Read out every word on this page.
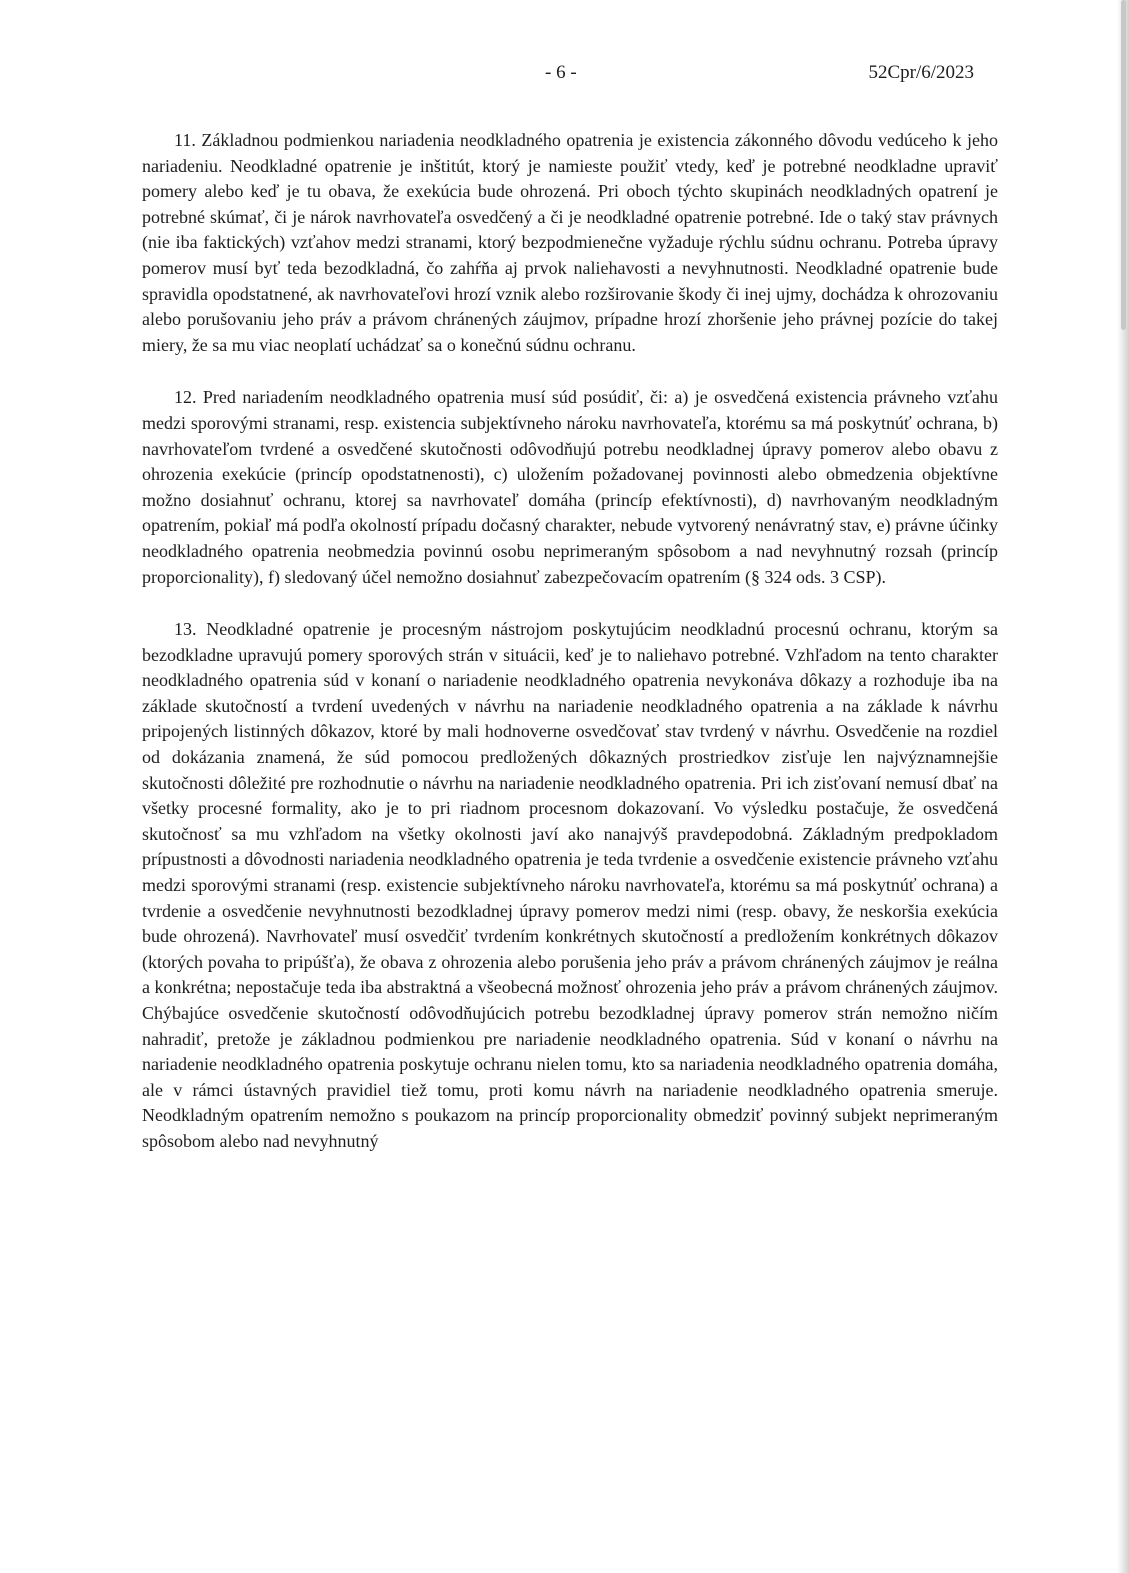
- 6 -	52Cpr/6/2023

11. Základnou podmienkou nariadenia neodkladného opatrenia je existencia zákonného dôvodu vedúceho k jeho nariadeniu. Neodkladné opatrenie je inštitút, ktorý je namieste použiť vtedy, keď je potrebné neodkladne upraviť pomery alebo keď je tu obava, že exekúcia bude ohrozená. Pri oboch týchto skupinách neodkladných opatrení je potrebné skúmať, či je nárok navrhovateľa osvedčený a či je neodkladné opatrenie potrebné. Ide o taký stav právnych (nie iba faktických) vzťahov medzi stranami, ktorý bezpodmienečne vyžaduje rýchlu súdnu ochranu. Potreba úpravy pomerov musí byť teda bezodkladná, čo zahŕňa aj prvok naliehavosti a nevyhnutnosti. Neodkladné opatrenie bude spravidla opodstatnené, ak navrhovateľovi hrozí vznik alebo rozširovanie škody či inej ujmy, dochádza k ohrozovaniu alebo porušovaniu jeho práv a právom chránených záujmov, prípadne hrozí zhoršenie jeho právnej pozície do takej miery, že sa mu viac neoplatí uchádzať sa o konečnú súdnu ochranu.

12. Pred nariadením neodkladného opatrenia musí súd posúdiť, či: a) je osvedčená existencia právneho vzťahu medzi sporovými stranami, resp. existencia subjektívneho nároku navrhovateľa, ktorému sa má poskytnúť ochrana, b) navrhovateľom tvrdené a osvedčené skutočnosti odôvodňujú potrebu neodkladnej úpravy pomerov alebo obavu z ohrozenia exekúcie (princíp opodstatnenosti), c) uložením požadovanej povinnosti alebo obmedzenia objektívne možno dosiahnuť ochranu, ktorej sa navrhovateľ domáha (princíp efektívnosti), d) navrhovaným neodkladným opatrením, pokiaľ má podľa okolností prípadu dočasný charakter, nebude vytvorený nenávratný stav, e) právne účinky neodkladného opatrenia neobmedzia povinnú osobu neprimeraným spôsobom a nad nevyhnutný rozsah (princíp proporcionality), f) sledovaný účel nemožno dosiahnuť zabezpečovacím opatrením (§ 324 ods. 3 CSP).

13. Neodkladné opatrenie je procesným nástrojom poskytujúcim neodkladnú procesnú ochranu, ktorým sa bezodkladne upravujú pomery sporových strán v situácii, keď je to naliehavo potrebné. Vzhľadom na tento charakter neodkladného opatrenia súd v konaní o nariadenie neodkladného opatrenia nevykonáva dôkazy a rozhoduje iba na základe skutočností a tvrdení uvedených v návrhu na nariadenie neodkladného opatrenia a na základe k návrhu pripojených listinných dôkazov, ktoré by mali hodnoverne osvedčovať stav tvrdený v návrhu. Osvedčenie na rozdiel od dokázania znamená, že súd pomocou predložených dôkazných prostriedkov zisťuje len najvýznamnejšie skutočnosti dôležité pre rozhodnutie o návrhu na nariadenie neodkladného opatrenia. Pri ich zisťovaní nemusí dbať na všetky procesné formality, ako je to pri riadnom procesnom dokazovaní. Vo výsledku postačuje, že osvedčená skutočnosť sa mu vzhľadom na všetky okolnosti javí ako nanajvýš pravdepodobná. Základným predpokladom prípustnosti a dôvodnosti nariadenia neodkladného opatrenia je teda tvrdenie a osvedčenie existencie právneho vzťahu medzi sporovými stranami (resp. existencie subjektívneho nároku navrhovateľa, ktorému sa má poskytnúť ochrana) a tvrdenie a osvedčenie nevyhnutnosti bezodkladnej úpravy pomerov medzi nimi (resp. obavy, že neskoršia exekúcia bude ohrozená). Navrhovateľ musí osvedčiť tvrdením konkrétnych skutočností a predložením konkrétnych dôkazov (ktorých povaha to pripúšťa), že obava z ohrozenia alebo porušenia jeho práv a právom chránených záujmov je reálna a konkrétna; nepostačuje teda iba abstraktná a všeobecná možnosť ohrozenia jeho práv a právom chránených záujmov. Chýbajúce osvedčenie skutočností odôvodňujúcich potrebu bezodkladnej úpravy pomerov strán nemožno ničím nahradiť, pretože je základnou podmienkou pre nariadenie neodkladného opatrenia. Súd v konaní o návrhu na nariadenie neodkladného opatrenia poskytuje ochranu nielen tomu, kto sa nariadenia neodkladného opatrenia domáha, ale v rámci ústavných pravidiel tiež tomu, proti komu návrh na nariadenie neodkladného opatrenia smeruje. Neodkladným opatrením nemožno s poukazom na princíp proporcionality obmedziť povinný subjekt neprimeraným spôsobom alebo nad nevyhnutný
